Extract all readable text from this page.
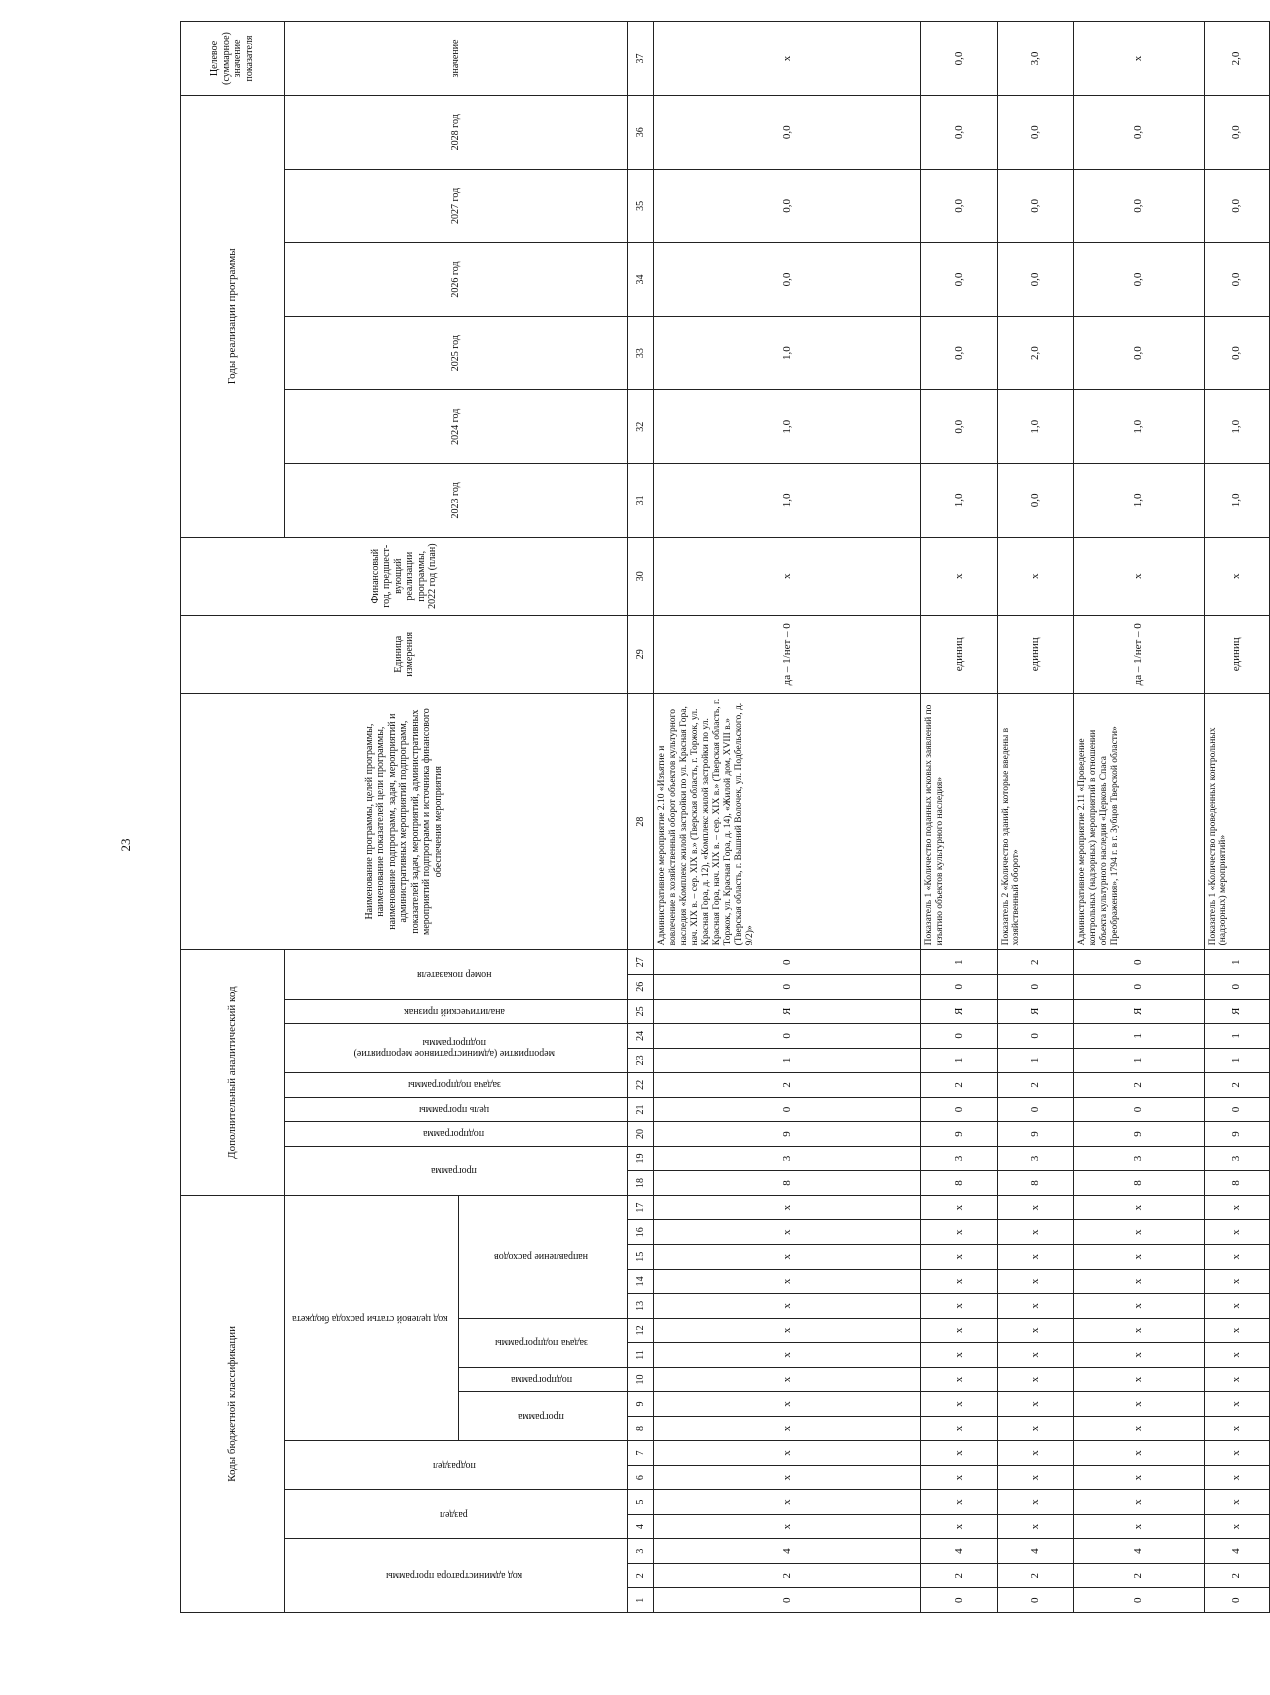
23
Коды бюджетной классификации																	Дополнительный аналитический код										Наименование программы, целей программы, наименование показателей цели программы, наименование подпрограмм, задач, мероприятий и административных мероприятий подпрограмм, показателей задач, мероприятий, административных мероприятий подпрограмм и источника финансового обеспечения мероприятия	Единица измерения	Финансовый год, предшест-вующий реализации программы, 2022 год (план)	Годы реализации программы						Целевое (суммарное) значение показателя
код администратора программы			раздел		подраздел		код целевой статьи расхода бюджета										программа		подпрограмма	цель программы	задача подпрограммы	мероприятие (административное мероприятие) подпрограммы		аналитический признак	номер показателя					2023 год	2024 год	2025 год	2026 год	2027 год	2028 год	значение
							программа		подпрограмма	задача подпрограммы		направление расходов																								
1	2	3	4	5	6	7	8	9	10	11	12	13	14	15	16	17	18	19	20	21	22	23	24	25	26	27	28	29	30	31	32	33	34	35	36	37
0	2	4	x	x	x	x	x	x	x	x	x	x	x	x	x	x	8	3	9	0	2	1	0	Я	0	0	Административное мероприятие 2.10 «Изъятие и вовлечение в хозяйственный оборот объектов культурного наследия «Комплекс жилой застройки по ул. Красная Гора, нач. XIX в. – сер. XIX в.» (Тверская область, г. Торжок, ул. Красная Гора, д. 12), «Комплекс жилой застройки по ул. Красная Гора, нач. XIX в. – сер. XIX в.» (Тверская область, г. Торжок, ул. Красная Гора, д. 14), «Жилой дом, XVIII в.» (Тверская область, г. Вышний Волочек, ул. Подбельского, д. 9/2)»	да – 1/нет – 0	х	1,0	1,0	1,0	0,0	0,0	0,0	х
0	2	4	x	x	x	x	x	x	x	x	x	x	x	x	x	x	8	3	9	0	2	1	0	Я	0	1	Показатель 1 «Количество поданных исковых заявлений по изъятию объектов культурного наследия»	единиц	х	1,0	0,0	0,0	0,0	0,0	0,0	0,0
0	2	4	x	x	x	x	x	x	x	x	x	x	x	x	x	x	8	3	9	0	2	1	0	Я	0	2	Показатель 2 «Количество зданий, которые введены в хозяйственный оборот»	единиц	х	0,0	1,0	2,0	0,0	0,0	0,0	3,0
0	2	4	x	x	x	x	x	x	x	x	x	x	x	x	x	x	8	3	9	0	2	1	1	Я	0	0	Административное мероприятие 2.11 «Проведение контрольных (надзорных) мероприятий в отношении объекта культурного наследия «Церковь Спаса Преображения», 1794 г. в г. Зубцов Тверской области»	да – 1/нет – 0	х	1,0	1,0	0,0	0,0	0,0	0,0	х
0	2	4	x	x	x	x	x	x	x	x	x	x	x	x	x	x	8	3	9	0	2	1	1	Я	0	1	Показатель 1 «Количество проведенных контрольных (надзорных) мероприятий»	единиц	х	1,0	1,0	0,0	0,0	0,0	0,0	2,0
